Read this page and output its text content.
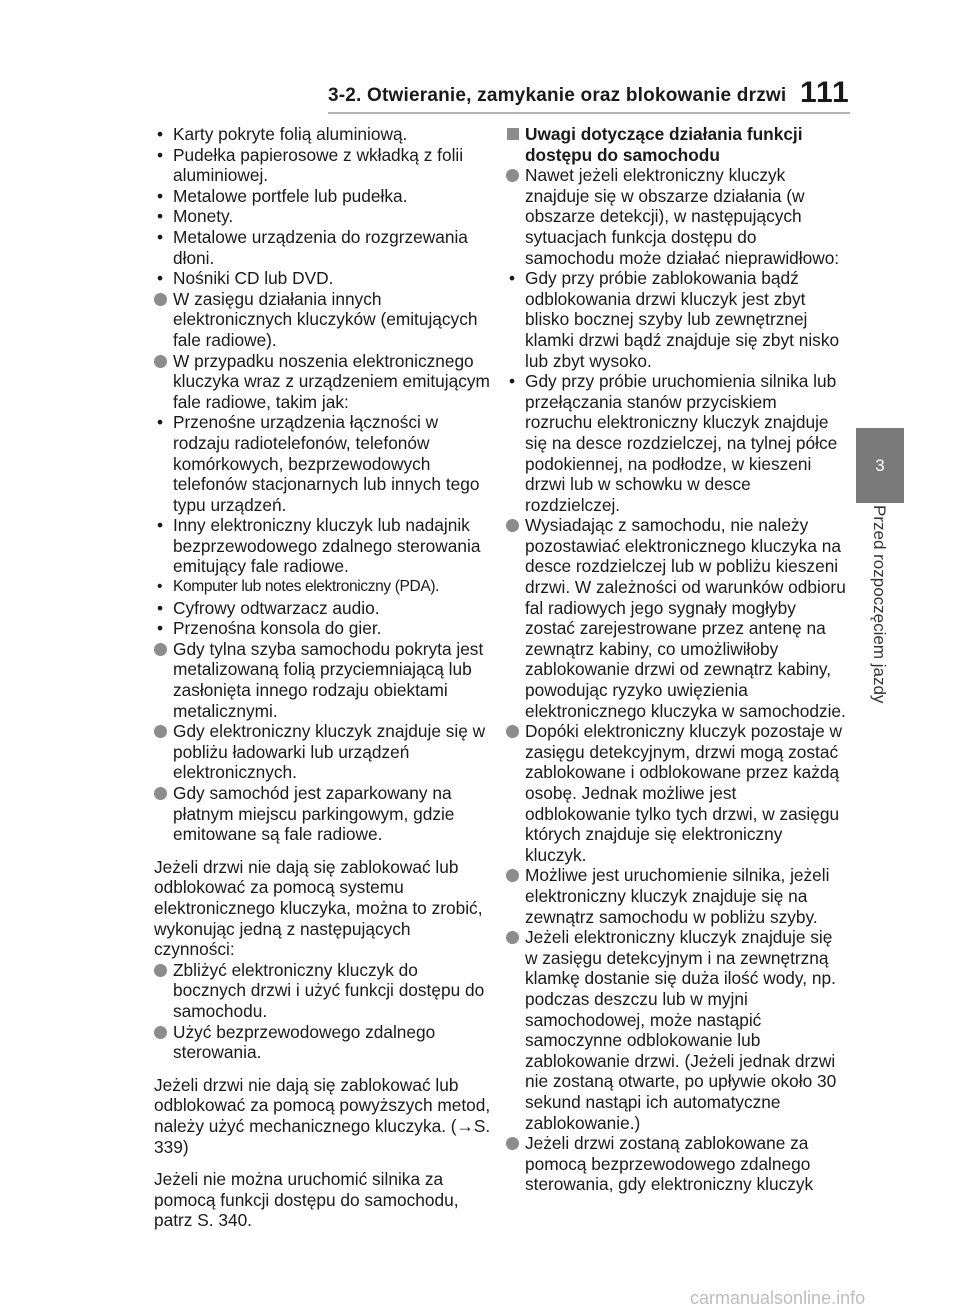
3-2. Otwieranie, zamykanie oraz blokowanie drzwi 111
3
Przed rozpoczęciem jazdy

• Karty pokryte folią aluminiową.

• Pudełka papierosowe z wkładką z folii aluminiowej.

• Metalowe portfele lub pudełka.

• Monety.

• Metalowe urządzenia do rozgrzewania dłoni.

• Nośniki CD lub DVD.

W zasięgu działania innych elektronicznych kluczyków (emitujących fale radiowe).

W przypadku noszenia elektronicznego kluczyka wraz z urządzeniem emitującym fale radiowe, takim jak:

• Przenośne urządzenia łączności w rodzaju radiotelefonów, telefonów komórkowych, bezprzewodowych telefonów stacjonarnych lub innych tego typu urządzeń.

• Inny elektroniczny kluczyk lub nadajnik bezprzewodowego zdalnego sterowania emitujący fale radiowe.

• Komputer lub notes elektroniczny (PDA).

• Cyfrowy odtwarzacz audio.

• Przenośna konsola do gier.

Gdy tylna szyba samochodu pokryta jest metalizowaną folią przyciemniającą lub zasłonięta innego rodzaju obiektami metalicznymi.

Gdy elektroniczny kluczyk znajduje się w pobliżu ładowarki lub urządzeń elektronicznych.

Gdy samochód jest zaparkowany na płatnym miejscu parkingowym, gdzie emitowane są fale radiowe.

Jeżeli drzwi nie dają się zablokować lub odblokować za pomocą systemu elektronicznego kluczyka, można to zrobić, wykonując jedną z następujących czynności:

Zbliżyć elektroniczny kluczyk do bocznych drzwi i użyć funkcji dostępu do samochodu.

Użyć bezprzewodowego zdalnego sterowania.

Jeżeli drzwi nie dają się zablokować lub odblokować za pomocą powyższych metod, należy użyć mechanicznego kluczyka. (→S. 339)

Jeżeli nie można uruchomić silnika za pomocą funkcji dostępu do samochodu, patrz S. 340.

Uwagi dotyczące działania funkcji dostępu do samochodu

Nawet jeżeli elektroniczny kluczyk znajduje się w obszarze działania (w obszarze detekcji), w następujących sytuacjach funkcja dostępu do samochodu może działać nieprawidłowo:

• Gdy przy próbie zablokowania bądź odblokowania drzwi kluczyk jest zbyt blisko bocznej szyby lub zewnętrznej klamki drzwi bądź znajduje się zbyt nisko lub zbyt wysoko.

• Gdy przy próbie uruchomienia silnika lub przełączania stanów przyciskiem rozruchu elektroniczny kluczyk znajduje się na desce rozdzielczej, na tylnej półce podokiennej, na podłodze, w kieszeni drzwi lub w schowku w desce rozdzielczej.

Wysiadając z samochodu, nie należy pozostawiać elektronicznego kluczyka na desce rozdzielczej lub w pobliżu kieszeni drzwi. W zależności od warunków odbioru fal radiowych jego sygnały mogłyby zostać zarejestrowane przez antenę na zewnątrz kabiny, co umożliwiłoby zablokowanie drzwi od zewnątrz kabiny, powodując ryzyko uwięzienia elektronicznego kluczyka w samochodzie.

Dopóki elektroniczny kluczyk pozostaje w zasięgu detekcyjnym, drzwi mogą zostać zablokowane i odblokowane przez każdą osobę. Jednak możliwe jest odblokowanie tylko tych drzwi, w zasięgu których znajduje się elektroniczny kluczyk.

Możliwe jest uruchomienie silnika, jeżeli elektroniczny kluczyk znajduje się na zewnątrz samochodu w pobliżu szyby.

Jeżeli elektroniczny kluczyk znajduje się w zasięgu detekcyjnym i na zewnętrzną klamkę dostanie się duża ilość wody, np. podczas deszczu lub w myjni samochodowej, może nastąpić samoczynne odblokowanie lub zablokowanie drzwi. (Jeżeli jednak drzwi nie zostaną otwarte, po upływie około 30 sekund nastąpi ich automatyczne zablokowanie.)

Jeżeli drzwi zostaną zablokowane za pomocą bezprzewodowego zdalnego sterowania, gdy elektroniczny kluczyk

carmanualsonline.info
